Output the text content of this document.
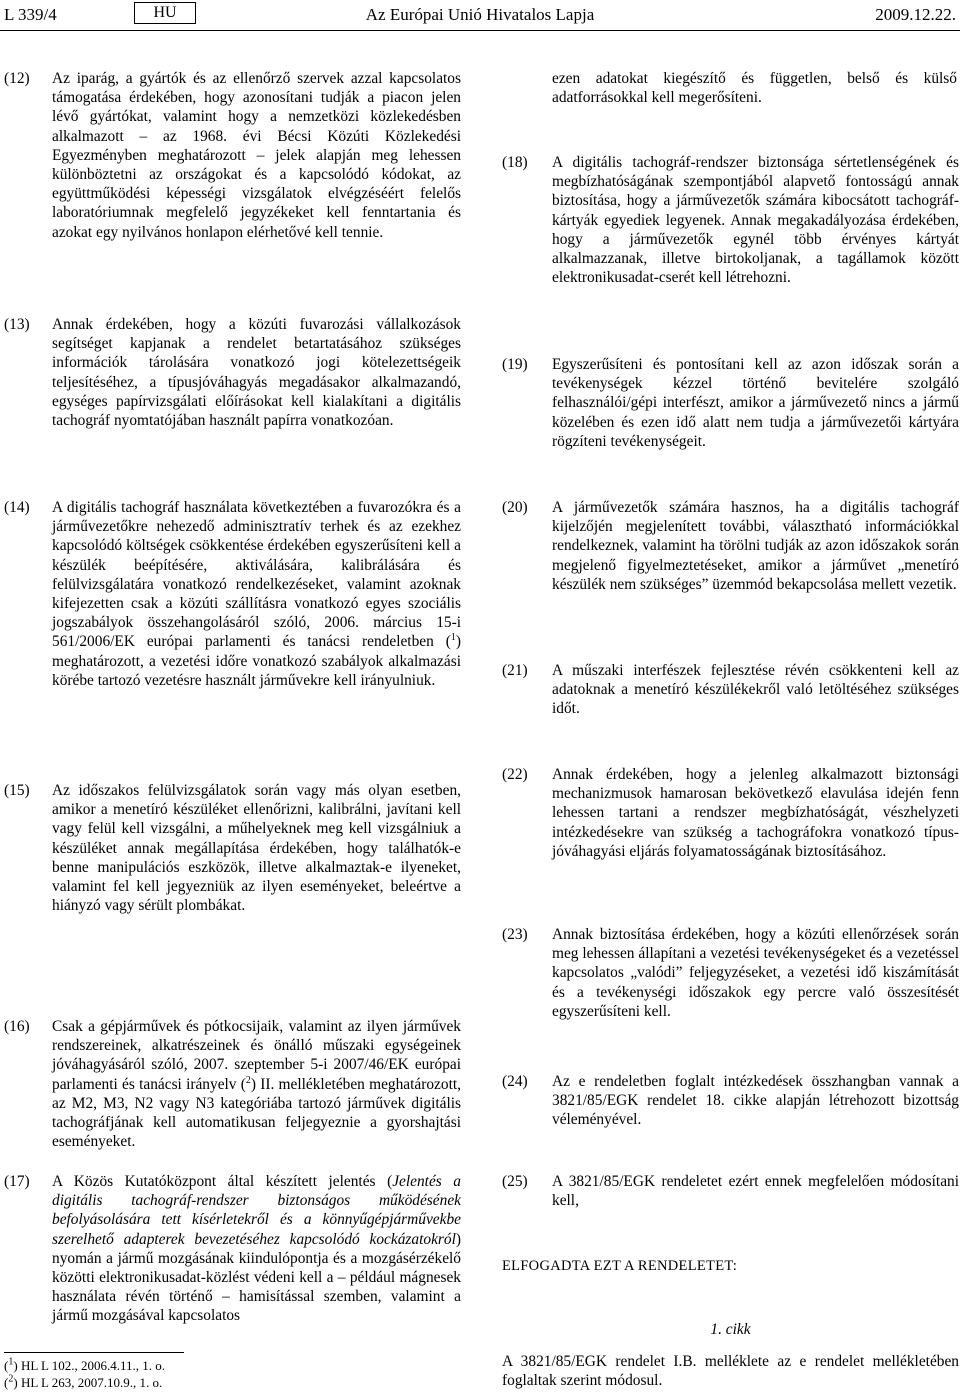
L 339/4	HU	Az Európai Unió Hivatalos Lapja	2009.12.22.
(12) Az iparág, a gyártók és az ellenőrző szervek azzal kapcsolatos támogatása érdekében, hogy azonosítani tudják a piacon jelen lévő gyártókat, valamint hogy a nemzetközi közlekedésben alkalmazott – az 1968. évi Bécsi Közúti Közlekedési Egyezményben meghatározott – jelek alapján meg lehessen különböztetni az országokat és a kapcsolódó kódokat, az együttműködési képességi vizsgálatok elvégzéséért felelős laboratóriumnak megfelelő jegyzékeket kell fenntartania és azokat egy nyilvános honlapon elérhetővé kell tennie.
(13) Annak érdekében, hogy a közúti fuvarozási vállalkozások segítséget kapjanak a rendelet betartatásához szükséges információk tárolására vonatkozó jogi kötelezettségeik teljesítéséhez, a típusjóváhagyás megadásakor alkalmazandó, egységes papírvizsgálati előírásokat kell kialakítani a digitális tachográf nyomtatójában használt papírra vonatkozóan.
ezen adatokat kiegészítő és független, belső és külső adatforrásokkal kell megerősíteni.
(18) A digitális tachográf-rendszer biztonsága sértetlenségének és megbízhatóságának szempontjából alapvető fontosságú annak biztosítása, hogy a járművezetők számára kibocsátott tachográf-kártyák egyediek legyenek. Annak megakadályozása érdekében, hogy a járművezetők egynél több érvényes kártyát alkalmazzanak, illetve birtokoljanak, a tagállamok között elektronikusadat-cserét kell létrehozni.
(19) Egyszerűsíteni és pontosítani kell az azon időszak során a tevékenységek kézzel történő bevitelére szolgáló felhasználói/gépi interfészt, amikor a járművezető nincs a jármű közelében és ezen idő alatt nem tudja a járművezetői kártyára rögzíteni tevékenységeit.
(14) A digitális tachográf használata következtében a fuvarozókra és a járművezetőkre nehezedő adminisztratív terhek és az ezekhez kapcsolódó költségek csökkentése érdekében egyszerűsíteni kell a készülék beépítésére, aktiválására, kalibrálására és felülvizsgálatára vonatkozó rendelkezéseket, valamint azoknak kifejezetten csak a közúti szállításra vonatkozó egyes szociális jogszabályok összehangolásáról szóló, 2006. március 15-i 561/2006/EK európai parlamenti és tanácsi rendeletben ($^1$) meghatározott, a vezetési időre vonatkozó szabályok alkalmazási körébe tartozó vezetésre használt járművekre kell irányulniuk.
(15) Az időszakos felülvizsgálatok során vagy más olyan esetben, amikor a menetíró készüléket ellenőrizni, kalibrálni, javítani kell vagy felül kell vizsgálni, a műhelyeknek meg kell vizsgálniuk a készüléket annak megállapítása érdekében, hogy találhatók-e benne manipulációs eszközök, illetve alkalmaztak-e ilyeneket, valamint fel kell jegyezniük az ilyen eseményeket, beleértve a hiányzó vagy sérült plombákat.
(16) Csak a gépjárművek és pótkocsijaik, valamint az ilyen járművek rendszereinek, alkatrészeinek és önálló műszaki egységeinek jóváhagyásáról szóló, 2007. szeptember 5-i 2007/46/EK európai parlamenti és tanácsi irányelv ($^2$) II. mellékletében meghatározott, az M2, M3, N2 vagy N3 kategóriába tartozó járművek digitális tachográfjának kell automatikusan feljegyeznie a gyorshajtási eseményeket.
(17) A Közös Kutatóközpont által készített jelentés (Jelentés a digitális tachográf-rendszer biztonságos működésének befolyásolására tett kísérletekről és a könnyűgépjárművekbe szerelhető adapterek bevezetéséhez kapcsolódó kockázatokról) nyomán a jármű mozgásának kiindulópontja és a mozgásérzékelő közötti elektronikusadat-közlést védeni kell a – például mágnesek használata révén történő – hamisítással szemben, valamint a jármű mozgásával kapcsolatos
(20) A járművezetők számára hasznos, ha a digitális tachográf kijelzőjén megjelenített további, választható információkkal rendelkeznek, valamint ha törölni tudják az azon időszakok során megjelenő figyelmeztetéseket, amikor a járművet „menetíró készülék nem szükséges” üzemmód bekapcsolása mellett vezetik.
(21) A műszaki interfészek fejlesztése révén csökkenteni kell az adatoknak a menetíró készülékekről való letöltéséhez szükséges időt.
(22) Annak érdekében, hogy a jelenleg alkalmazott biztonsági mechanizmusok hamarosan bekövetkező elavulása idején fenn lehessen tartani a rendszer megbízhatóságát, vészhelyzeti intézkedésekre van szükség a tachográfokra vonatkozó típus-jóváhagyási eljárás folyamatosságának biztosításához.
(23) Annak biztosítása érdekében, hogy a közúti ellenőrzések során meg lehessen állapítani a vezetési tevékenységeket és a vezetéssel kapcsolatos „valódi” feljegyzéseket, a vezetési idő kiszámítását és a tevékenységi időszakok egy percre való összesítését egyszerűsíteni kell.
(24) Az e rendeletben foglalt intézkedések összhangban vannak a 3821/85/EGK rendelet 18. cikke alapján létrehozott bizottság véleményével.
(25) A 3821/85/EGK rendeletet ezért ennek megfelelően módosítani kell,
ELFOGADTA EZT A RENDELETET:
1. cikk
A 3821/85/EGK rendelet I.B. melléklete az e rendelet mellékletében foglaltak szerint módosul.
($^1$) HL L 102., 2006.4.11., 1. o.
($^2$) HL L 263, 2007.10.9., 1. o.
